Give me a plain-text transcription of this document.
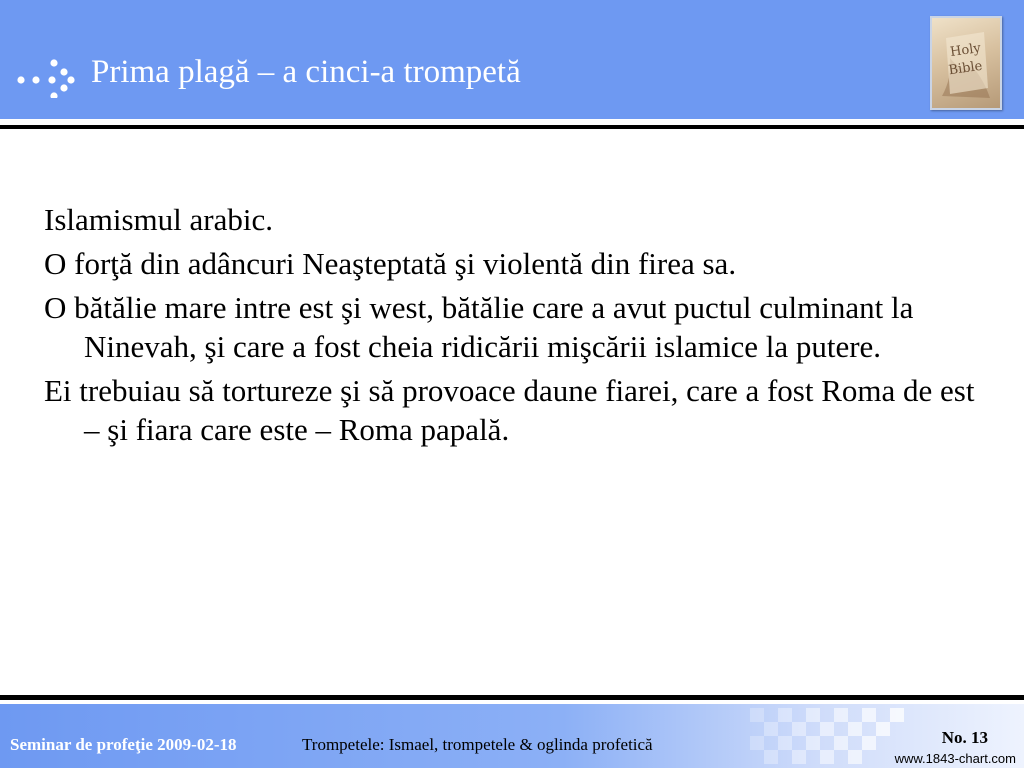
Prima plagă – a cinci-a trompetă
Holy
Bible

Islamismul arabic.

O forţă din adâncuri Neaşteptată şi violentă din firea sa.

O bătălie mare intre est şi west, bătălie care a avut puctul culminant la Ninevah, şi care a fost cheia ridicării mişcării islamice la putere.

Ei trebuiau să tortureze şi să provoace daune fiarei, care a fost Roma de est – şi fiara care este – Roma papală.

Seminar de profeţie 2009-02-18	Trompetele: Ismael, trompetele & oglinda profetică	No. 13
www.1843-chart.com
